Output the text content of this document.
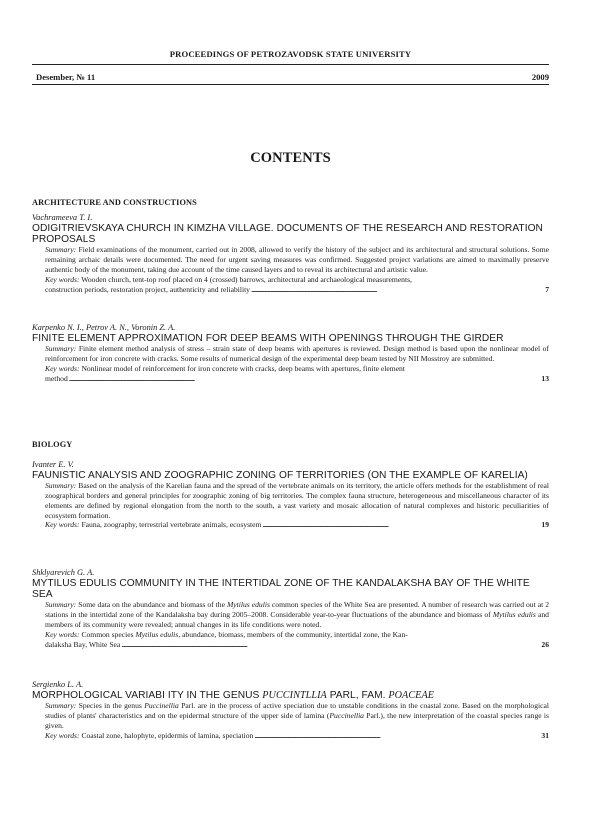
PROCEEDINGS OF PETROZAVODSK STATE UNIVERSITY
Desember, № 11	2009
CONTENTS
ARCHITECTURE AND CONSTRUCTIONS
Vachrameeva T. I.
ODIGITRIEVSKAYA CHURCH IN KIMZHA VILLAGE. DOCUMENTS OF THE RESEARCH AND RESTORATION PROPOSALS
Summary: Field examinations of the monument, carried out in 2008, allowed to verify the history of the subject and its architectural and structural solutions. Some remaining archaic details were documented. The need for urgent saving measures was confirmed. Suggested project variations are aimed to maximally preserve authentic body of the monument, taking due account of the time caused layers and to reveal its architectural and artistic value.
Key words: Wooden church, tent-top roof placed on 4 (crossed) barrows, architectural and archaeological measurements,
construction periods, restoration project, authenticity and reliability . . .	7
Karpenko N. I., Petrov A. N., Voronin Z. A.
FINITE ELEMENT APPROXIMATION FOR DEEP BEAMS WITH OPENINGS THROUGH THE GIRDER
Summary: Finite element method analysis of stress – strain state of deep beams with apertures is reviewed. Design method is based upon the nonlinear model of reinforcement for iron concrete with cracks. Some results of numerical design of the experimental deep beam tested by NII Mosstroy are submitted.
Key words: Nonlinear model of reinforcement for iron concrete with cracks, deep beams with apertures, finite element
method . . .	13
BIOLOGY
Ivanter E. V.
FAUNISTIC ANALYSIS AND ZOOGRAPHIC ZONING OF TERRITORIES (ON THE EXAMPLE OF KARELIA)
Summary: Based on the analysis of the Karelian fauna and the spread of the vertebrate animals on its territory, the article offers methods for the establishment of real zoographical borders and general principles for zoographic zoning of big territories. The complex fauna structure, heterogeneous and miscellaneous character of its elements are defined by regional elongation from the north to the south, a vast variety and mosaic allocation of natural complexes and historic peculiarities of ecosystem formation.
Key words: Fauna, zoography, terrestrial vertebrate animals, ecosystem . . .	19
Shklyarevich G. A.
MYTILUS EDULIS COMMUNITY IN THE INTERTIDAL ZONE OF THE KANDALAKSHA BAY OF THE WHITE SEA
Summary: Some data on the abundance and biomass of the Mytilus edulis common species of the White Sea are presented. A number of research was carried out at 2 stations in the intertidal zone of the Kandalaksha bay during 2005–2008. Considerable year-to-year fluctuations of the abundance and biomass of Mytilus edulis and members of its community were revealed; annual changes in its life conditions were noted.
Key words: Common species Mytilus edulis, abundance, biomass, members of the community, intertidal zone, the Kan-
dalaksha Bay, White Sea . . .	26
Sergienko L. A.
MORPHOLOGICAL VARIABI ITY IN THE GENUS PUCCINTLLIA PARL, FAM. POACEAE
Summary: Species in the genus Puccinellia Parl. are in the process of active speciation due to unstable conditions in the coastal zone. Based on the morphological studies of plants' characteristics and on the epidermal structure of the upper side of lamina (Puccinellia Parl.), the new interpretation of the coastal species range is given.
Key words: Coastal zone, halophyte, epidermis of lamina, speciation . . .	31
